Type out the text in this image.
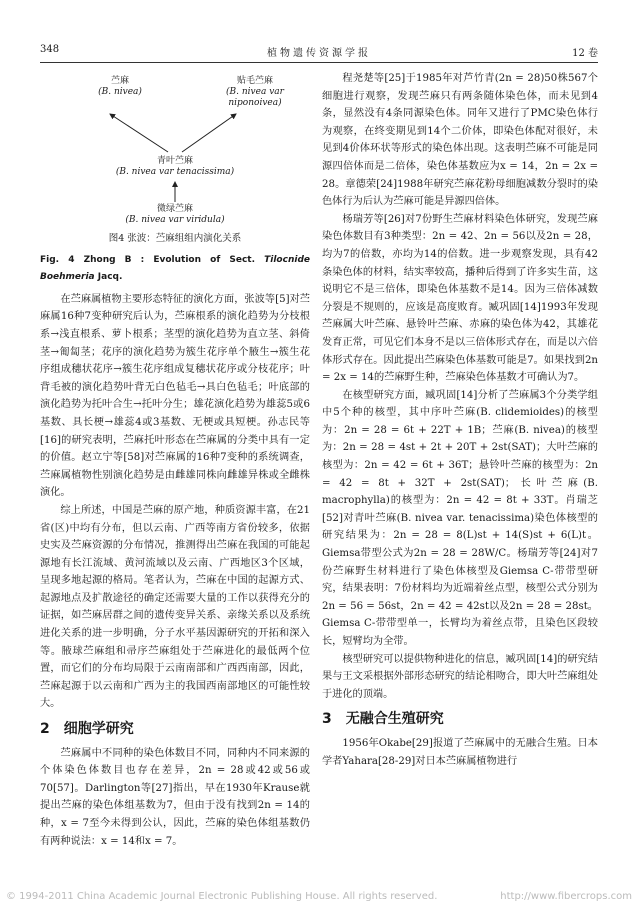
348	植物遗传资源学报	12 卷
苎麻
(B. nivea)
贴毛苎麻
(B. nivea var niponoivea)
青叶苎麻
(B. nivea var tenacissima)
微绿苎麻
(B. nivea var viridula)
图4 张波：苎麻组组内演化关系
Fig. 4 Zhong B : Evolution of Sect. Tilocnide Boehmeria Jacq.

在苎麻属植物主要形态特征的演化方面，张波等[5]对苎麻属16种7变种研究后认为，苎麻根系的演化趋势为分枝根系→浅直根系、萝卜根系；茎型的演化趋势为直立茎、斜倚茎→匍匐茎；花序的演化趋势为簇生花序单个腋生→簇生花序组成穗状花序→簇生花序组成复穗状花序或分枝花序；叶背毛被的演化趋势叶背无白色毡毛→具白色毡毛；叶底部的演化趋势为托叶合生→托叶分生；雄花演化趋势为雄蕊5或6基数、具长梗→雄蕊4或3基数、无梗或具短梗。孙志民等[16]的研究表明，苎麻托叶形态在苎麻属的分类中具有一定的价值。赵立宁等[58]对苎麻属的16种7变种的系统调查，苎麻属植物性别演化趋势是由雌雄同株向雌雄异株或全雌株演化。

综上所述，中国是苎麻的原产地，种质资源丰富，在21省(区)中均有分布，但以云南、广西等南方省份较多，依据史实及苎麻资源的分布情况，推测得出苎麻在我国的可能起源地有长江流域、黄河流域以及云南、广西地区3个区域，呈现多地起源的格局。笔者认为，苎麻在中国的起源方式、起源地点及扩散途径的确定还需要大量的工作以获得充分的证据，如苎麻居群之间的遗传变异关系、亲缘关系以及系统进化关系的进一步明确，分子水平基因源研究的开拓和深入等。腋球苎麻组和帚序苎麻组处于苎麻进化的最低两个位置，而它们的分布均局限于云南南部和广西西南部，因此，苎麻起源于以云南和广西为主的我国西南部地区的可能性较大。

2 细胞学研究

苎麻属中不同种的染色体数目不同，同种内不同来源的个体染色体数目也存在差异，2n = 28或42或56或70[57]。Darlington等[27]指出，早在1930年Krause就提出苎麻的染色体组基数为7，但由于没有找到2n = 14的种，x = 7至今未得到公认，因此，苎麻的染色体组基数仍有两种说法：x = 14和x = 7。

程尧楚等[25]于1985年对芦竹青(2n = 28)50株567个细胞进行观察，发现苎麻只有两条随体染色体，而未见到4条，显然没有4条同源染色体。同年又进行了PMC染色体行为观察，在终变期见到14个二价体，即染色体配对很好，未见到4价体环状等形式的染色体出现。这表明苎麻不可能是同源四倍体而是二倍体，染色体基数应为x = 14，2n = 2x = 28。章德荣[24]1988年研究苎麻花粉母细胞减数分裂时的染色体行为后认为苎麻可能是异源四倍体。

杨瑞芳等[26]对7份野生苎麻材料染色体研究，发现苎麻染色体数目有3种类型：2n = 42、2n = 56以及2n = 28，均为7的倍数，亦均为14的倍数。进一步观察发现，具有42条染色体的材料，结实率较高，播种后得到了许多实生苗，这说明它不是三倍体，即染色体基数不是14。因为三倍体减数分裂是不规则的，应该是高度败育。臧巩固[14]1993年发现苎麻属大叶苎麻、悬铃叶苎麻、赤麻的染色体为42，其雄花发育正常，可见它们本身不是以三倍体形式存在，而是以六倍体形式存在。因此提出苎麻染色体基数可能是7。如果找到2n = 2x = 14的苎麻野生种，苎麻染色体基数才可确认为7。

在核型研究方面，臧巩固[14]分析了苎麻属3个分类学组中5个种的核型，其中序叶苎麻(B. clidemioides)的核型为：2n = 28 = 6t + 22T + 1B；苎麻(B. nivea)的核型为：2n = 28 = 4st + 2t + 20T + 2st(SAT)；大叶苎麻的核型为：2n = 42 = 6t + 36T；悬铃叶苎麻的核型为：2n = 42 = 8t + 32T + 2st(SAT)；长叶苎麻(B. macrophylla)的核型为：2n = 42 = 8t + 33T。肖瑞芝[52]对青叶苎麻(B. nivea var. tenacissima)染色体核型的研究结果为：2n = 28 = 8(L)st + 14(S)st + 6(L)t。Giemsa带型公式为2n = 28 = 28W/C。杨瑞芳等[24]对7份苎麻野生材料进行了染色体核型及Giemsa C-带带型研究，结果表明：7份材料均为近端着丝点型，核型公式分别为2n = 56 = 56st，2n = 42 = 42st以及2n = 28 = 28st。Giemsa C-带带型单一，长臂均为着丝点带，且染色区段较长，短臂均为全带。

核型研究可以提供物种进化的信息，臧巩固[14]的研究结果与王文采根据外部形态研究的结论相吻合，即大叶苎麻组处于进化的顶端。

3 无融合生殖研究

1956年Okabe[29]报道了苎麻属中的无融合生殖。日本学者Yahara[28-29]对日本苎麻属植物进行

© 1994-2011 China Academic Journal Electronic Publishing House. All rights reserved.	http://www.fibercrops.com
